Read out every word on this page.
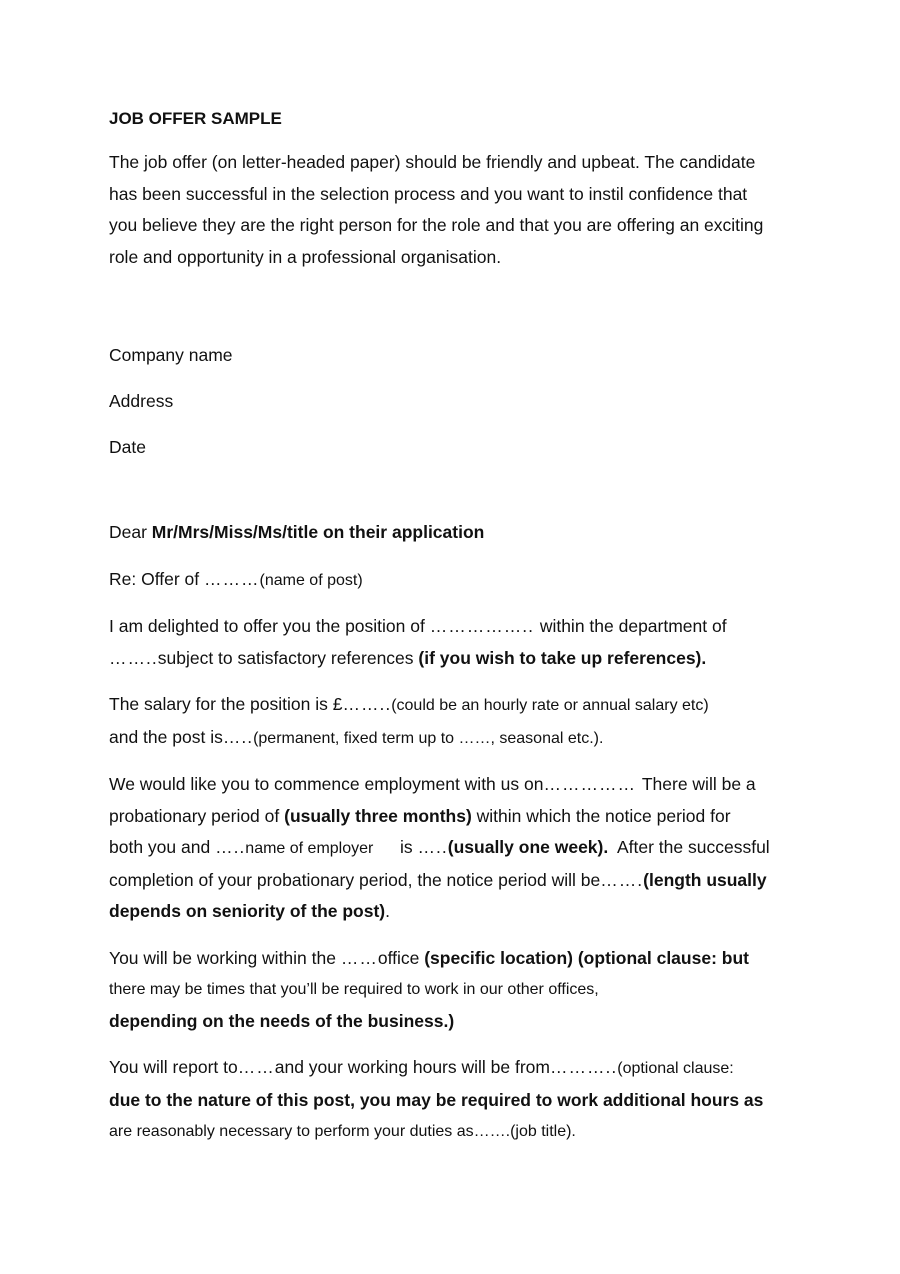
JOB OFFER SAMPLE

The job offer (on letter-headed paper) should be friendly and upbeat. The candidate
has been successful in the selection process and you want to instil confidence that
you believe they are the right person for the role and that you are offering an exciting
role and opportunity in a professional organisation.

Company name
Address
Date

Dear Mr/Mrs/Miss/Ms/title on their application

Re: Offer of ………(name of post)

I am delighted to offer you the position of …………….. within the department of
……..subject to satisfactory references (if you wish to take up references).

The salary for the position is £……..(could be an hourly rate or annual salary etc)
and the post is…..(permanent, fixed term up to ……, seasonal etc.).

We would like you to commence employment with us on…………… There will be a
probationary period of (usually three months) within which the notice period for
both you and …..name of employer      is …..(usually one week).  After the successful
completion of your probationary period, the notice period will be…….(length usually
depends on seniority of the post).

You will be working within the ……office (specific location) (optional clause: but
there may be times that you’ll be required to work in our other offices,
depending on the needs of the business.)

You will report to……and your working hours will be from………..(optional clause:
due to the nature of this post, you may be required to work additional hours as
are reasonably necessary to perform your duties as…….(job title).
